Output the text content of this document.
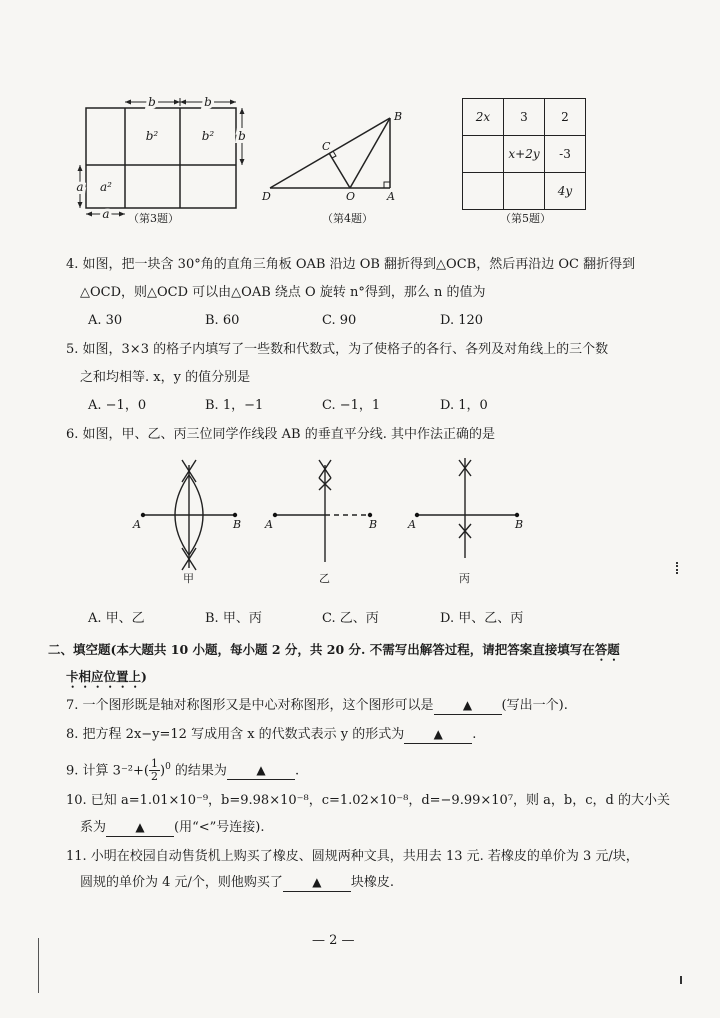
b	b
b
b²	b²
a a²
a （第3题）
B
C
D	O	A
（第4题）
2x	3	2
	x+2y	-3
		4y
（第5题）
4. 如图，把一块含 30°角的直角三角板 OAB 沿边 OB 翻折得到△OCB，然后再沿边 OC 翻折得到
△OCD，则△OCD 可以由△OAB 绕点 O 旋转 n°得到，那么 n 的值为
A. 30	B. 60	C. 90	D. 120
5. 如图，3×3 的格子内填写了一些数和代数式，为了使格子的各行、各列及对角线上的三个数
之和均相等. x，y 的值分别是
A. −1，0	B. 1，−1	C. −1，1	D. 1，0
6. 如图，甲、乙、丙三位同学作线段 AB 的垂直平分线. 其中作法正确的是
A	B A	B	A	B
甲	乙	丙
A. 甲、乙	B. 甲、丙	C. 乙、丙	D. 甲、乙、丙
二、填空题(本大题共 10 小题，每小题 2 分，共 20 分. 不需写出解答过程，请把答案直接填写在答题
卡相应位置上)
7. 一个图形既是轴对称图形又是中心对称图形，这个图形可以是 ▲ (写出一个).
8. 把方程 2x−y=12 写成用含 x 的代数式表示 y 的形式为 ▲ .
9. 计算 $3^{-2}+( \frac{1}{2} )^0$ 的结果为 ▲ .
10. 已知 a=1.01×10⁻⁹，b=9.98×10⁻⁸，c=1.02×10⁻⁸，d=−9.99×10⁷，则 a，b，c，d 的大小关
系为 ▲ (用“<”号连接).
11. 小明在校园自动售货机上购买了橡皮、圆规两种文具，共用去 13 元. 若橡皮的单价为 3 元/块，
圆规的单价为 4 元/个，则他购买了 ▲ 块橡皮.
— 2 —
